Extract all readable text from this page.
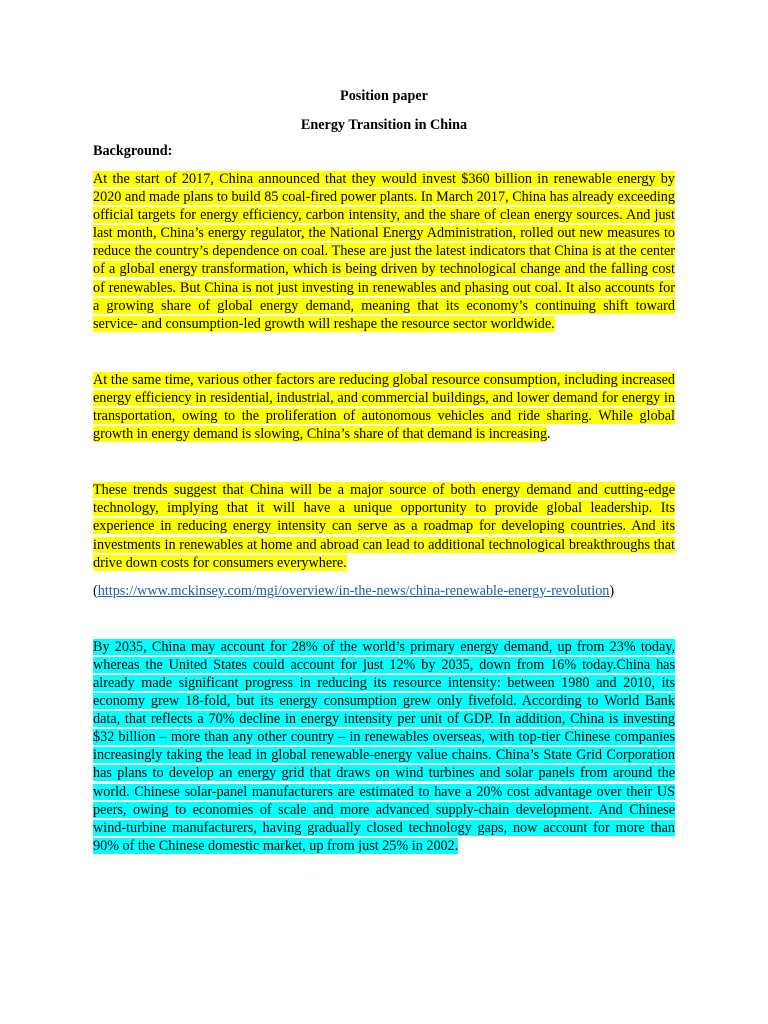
Position paper
Energy Transition in China
Background:

At the start of 2017, China announced that they would invest $360 billion in renewable energy by 2020 and made plans to build 85 coal-fired power plants. In March 2017, China has already exceeding official targets for energy efficiency, carbon intensity, and the share of clean energy sources. And just last month, China’s energy regulator, the National Energy Administration, rolled out new measures to reduce the country’s dependence on coal. These are just the latest indicators that China is at the center of a global energy transformation, which is being driven by technological change and the falling cost of renewables. But China is not just investing in renewables and phasing out coal. It also accounts for a growing share of global energy demand, meaning that its economy’s continuing shift toward service- and consumption-led growth will reshape the resource sector worldwide.

At the same time, various other factors are reducing global resource consumption, including increased energy efficiency in residential, industrial, and commercial buildings, and lower demand for energy in transportation, owing to the proliferation of autonomous vehicles and ride sharing. While global growth in energy demand is slowing, China’s share of that demand is increasing.

These trends suggest that China will be a major source of both energy demand and cutting-edge technology, implying that it will have a unique opportunity to provide global leadership. Its experience in reducing energy intensity can serve as a roadmap for developing countries. And its investments in renewables at home and abroad can lead to additional technological breakthroughs that drive down costs for consumers everywhere.

(https://www.mckinsey.com/mgi/overview/in-the-news/china-renewable-energy-revolution)

By 2035, China may account for 28% of the world’s primary energy demand, up from 23% today, whereas the United States could account for just 12% by 2035, down from 16% today.China has already made significant progress in reducing its resource intensity: between 1980 and 2010, its economy grew 18-fold, but its energy consumption grew only fivefold. According to World Bank data, that reflects a 70% decline in energy intensity per unit of GDP. In addition, China is investing $32 billion – more than any other country – in renewables overseas, with top-tier Chinese companies increasingly taking the lead in global renewable-energy value chains. China’s State Grid Corporation has plans to develop an energy grid that draws on wind turbines and solar panels from around the world. Chinese solar-panel manufacturers are estimated to have a 20% cost advantage over their US peers, owing to economies of scale and more advanced supply-chain development. And Chinese wind-turbine manufacturers, having gradually closed technology gaps, now account for more than 90% of the Chinese domestic market, up from just 25% in 2002.
